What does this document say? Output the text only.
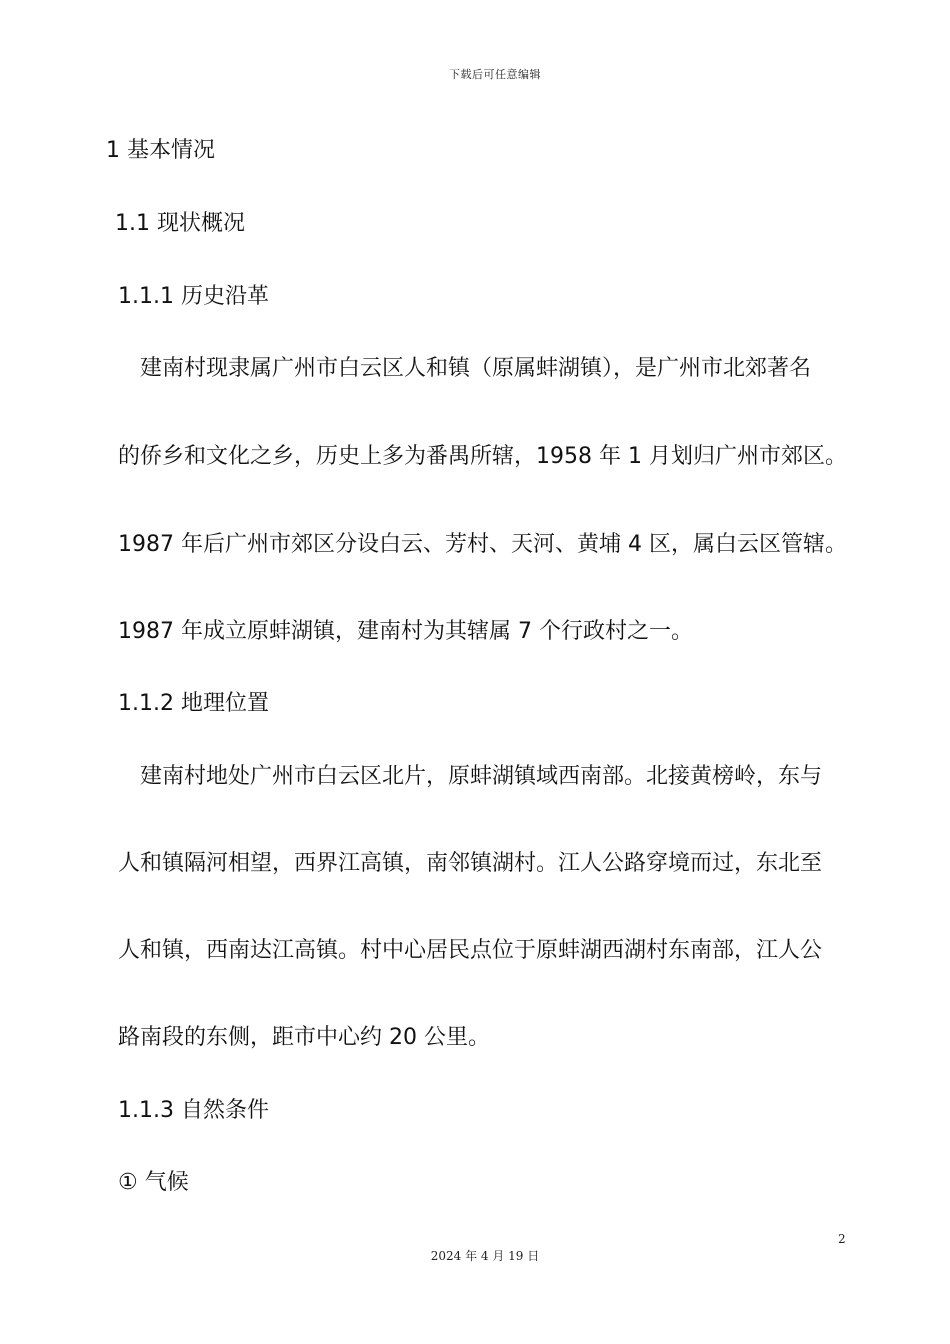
下载后可任意编辑
1 基本情况
1.1 现状概况
1.1.1 历史沿革
建南村现隶属广州市白云区人和镇（原属蚌湖镇），是广州市北郊著名
的侨乡和文化之乡，历史上多为番禺所辖，1958 年 1 月划归广州市郊区。
1987 年后广州市郊区分设白云、芳村、天河、黄埔 4 区，属白云区管辖。
1987 年成立原蚌湖镇，建南村为其辖属 7 个行政村之一。
1.1.2 地理位置
建南村地处广州市白云区北片，原蚌湖镇域西南部。北接黄榜岭，东与
人和镇隔河相望，西界江高镇，南邻镇湖村。江人公路穿境而过，东北至
人和镇，西南达江高镇。村中心居民点位于原蚌湖西湖村东南部，江人公
路南段的东侧，距市中心约 20 公里。
1.1.3 自然条件
① 气候
2
2024 年 4 月 19 日
